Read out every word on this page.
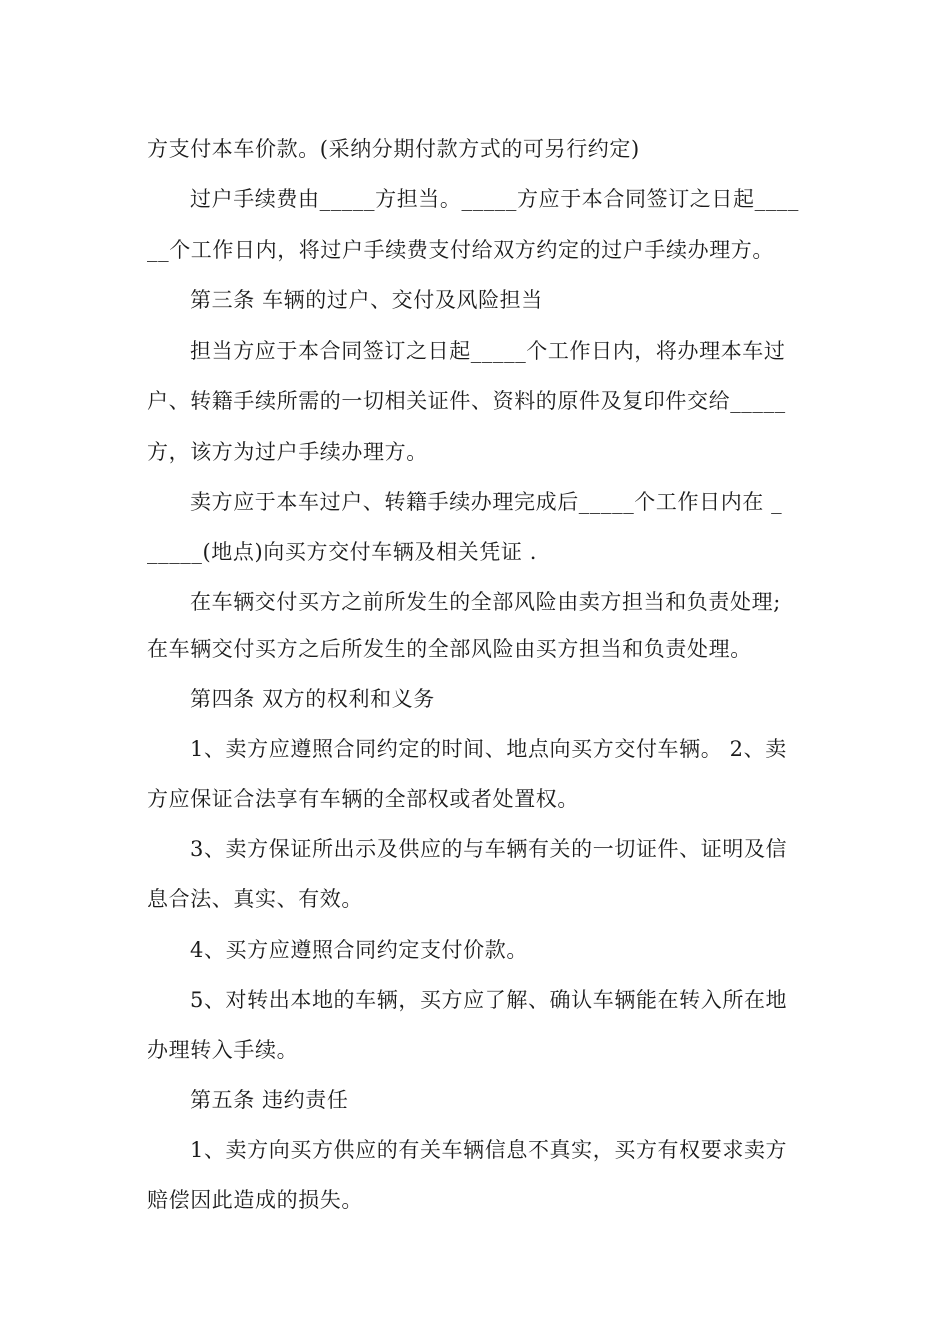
方支付本车价款。(采纳分期付款方式的可另行约定)

过户手续费由_____方担当。_____方应于本合同签订之日起____

__个工作日内，将过户手续费支付给双方约定的过户手续办理方。

第三条 车辆的过户、交付及风险担当

担当方应于本合同签订之日起_____个工作日内，将办理本车过

户、转籍手续所需的一切相关证件、资料的原件及复印件交给_____

方，该方为过户手续办理方。

卖方应于本车过户、转籍手续办理完成后_____个工作日内在 _

_____(地点)向买方交付车辆及相关凭证 .

在车辆交付买方之前所发生的全部风险由卖方担当和负责处理;

在车辆交付买方之后所发生的全部风险由买方担当和负责处理。

第四条 双方的权利和义务

1、卖方应遵照合同约定的时间、地点向买方交付车辆。 2、卖

方应保证合法享有车辆的全部权或者处置权。

3、卖方保证所出示及供应的与车辆有关的一切证件、证明及信

息合法、真实、有效。

4、买方应遵照合同约定支付价款。

5、对转出本地的车辆，买方应了解、确认车辆能在转入所在地

办理转入手续。

第五条 违约责任

1、卖方向买方供应的有关车辆信息不真实，买方有权要求卖方

赔偿因此造成的损失。
